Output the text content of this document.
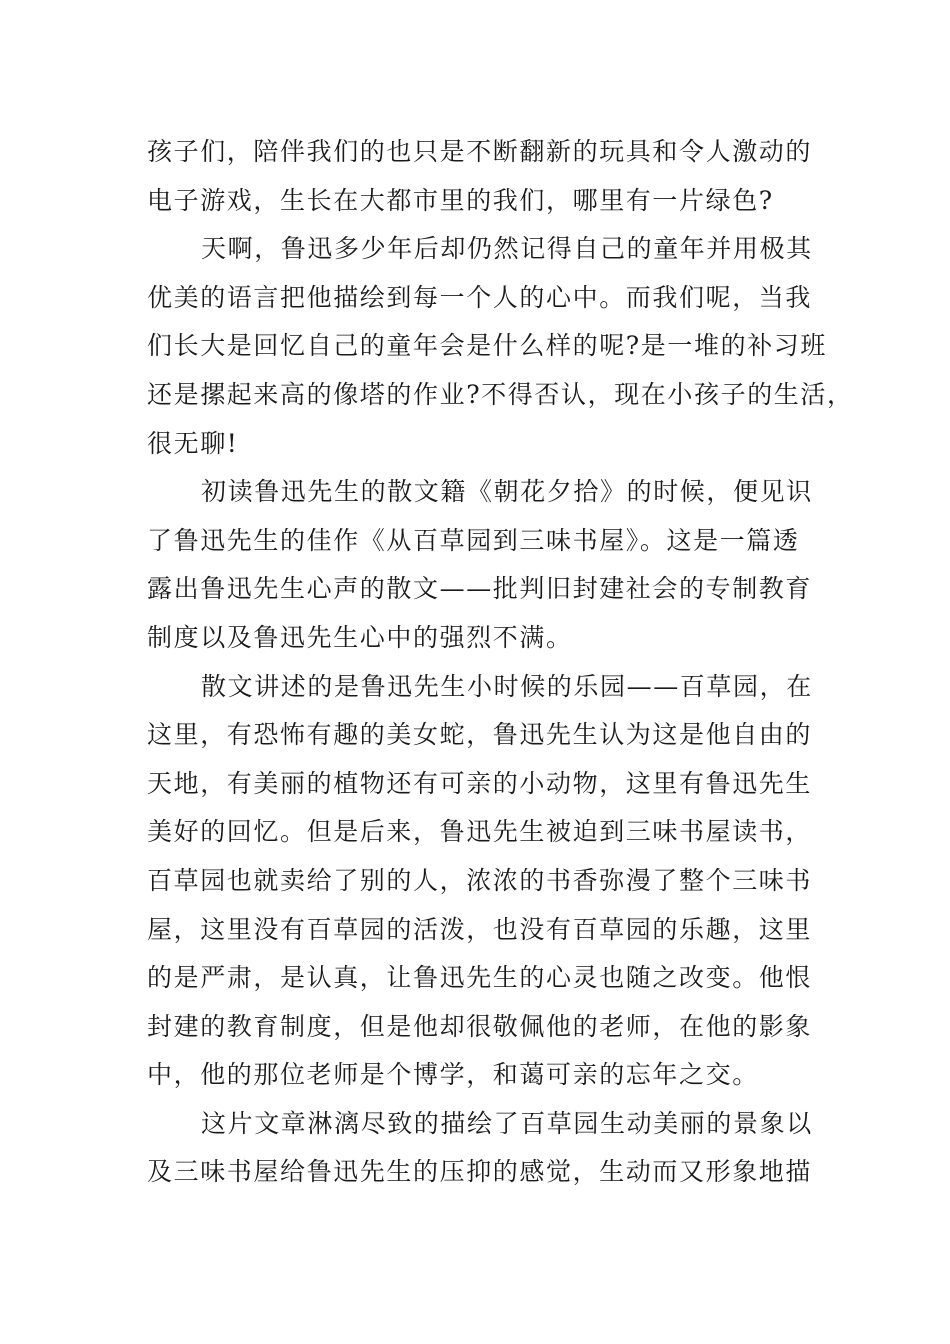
孩子们，陪伴我们的也只是不断翻新的玩具和令人激动的
电子游戏，生长在大都市里的我们，哪里有一片绿色?

天啊，鲁迅多少年后却仍然记得自己的童年并用极其
优美的语言把他描绘到每一个人的心中。而我们呢，当我
们长大是回忆自己的童年会是什么样的呢?是一堆的补习班
还是摞起来高的像塔的作业?不得否认，现在小孩子的生活，
很无聊!

初读鲁迅先生的散文籍《朝花夕拾》的时候，便见识
了鲁迅先生的佳作《从百草园到三味书屋》。这是一篇透
露出鲁迅先生心声的散文——批判旧封建社会的专制教育
制度以及鲁迅先生心中的强烈不满。

散文讲述的是鲁迅先生小时候的乐园——百草园，在
这里，有恐怖有趣的美女蛇，鲁迅先生认为这是他自由的
天地，有美丽的植物还有可亲的小动物，这里有鲁迅先生
美好的回忆。但是后来，鲁迅先生被迫到三味书屋读书，
百草园也就卖给了别的人，浓浓的书香弥漫了整个三味书
屋，这里没有百草园的活泼，也没有百草园的乐趣，这里
的是严肃，是认真，让鲁迅先生的心灵也随之改变。他恨
封建的教育制度，但是他却很敬佩他的老师，在他的影象
中，他的那位老师是个博学，和蔼可亲的忘年之交。

这片文章淋漓尽致的描绘了百草园生动美丽的景象以
及三味书屋给鲁迅先生的压抑的感觉，生动而又形象地描
